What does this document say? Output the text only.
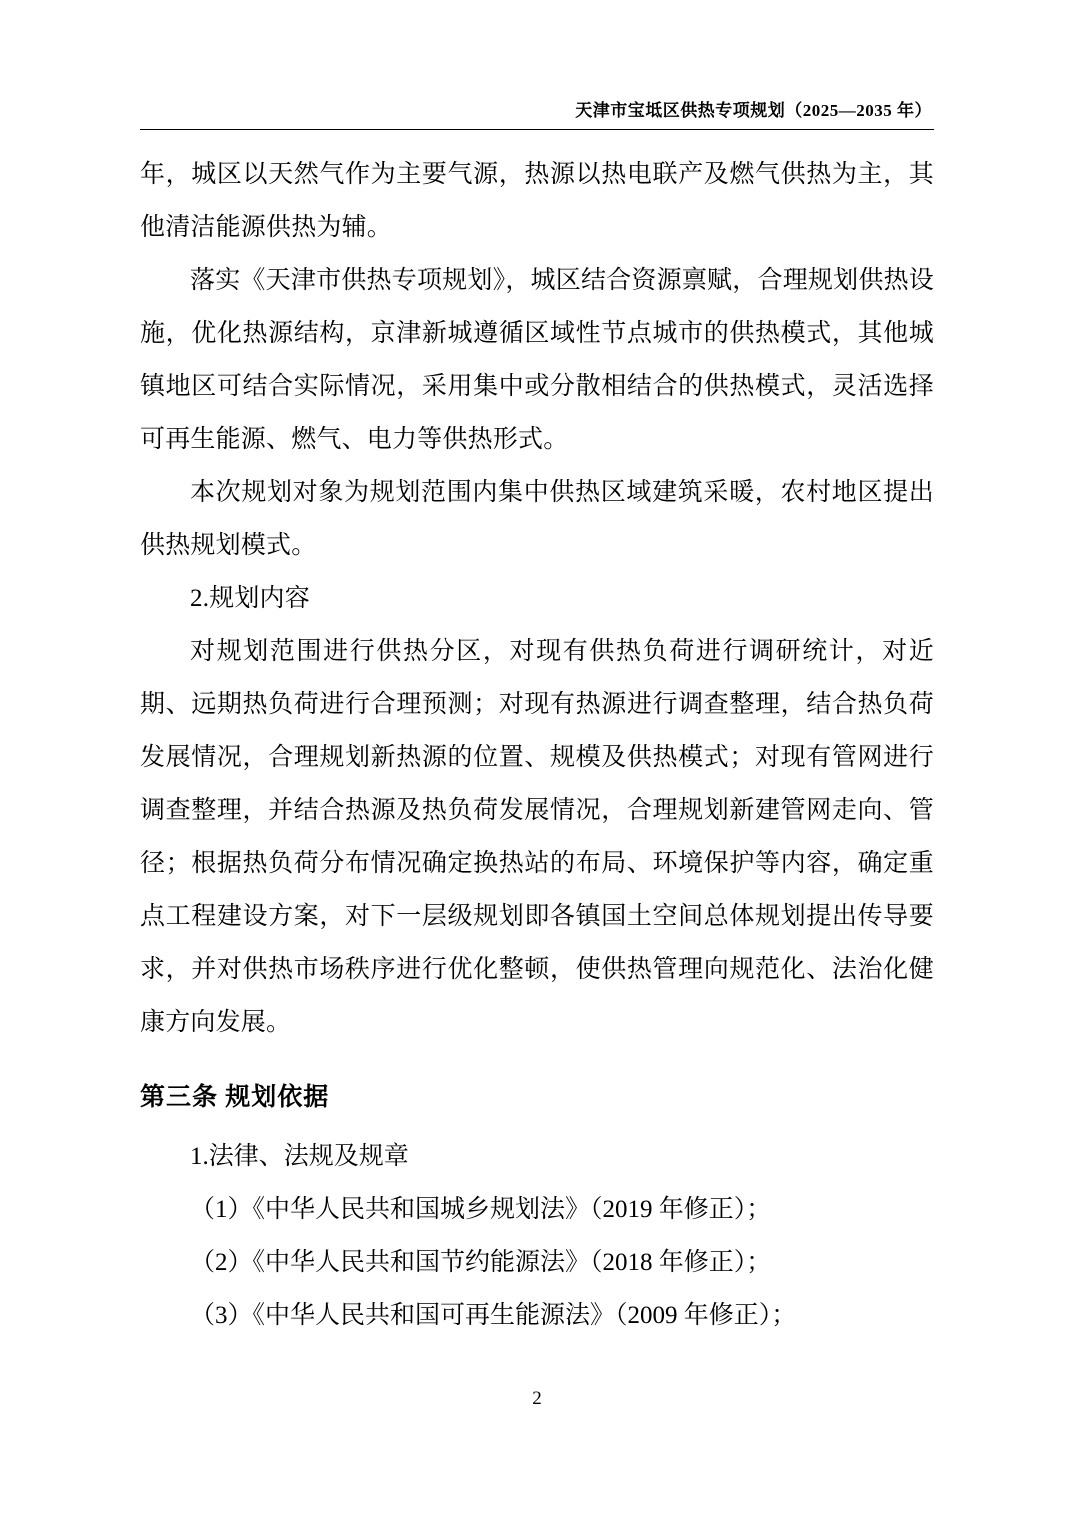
天津市宝坻区供热专项规划（2025—2035 年）

年，城区以天然气作为主要气源，热源以热电联产及燃气供热为主，其他清洁能源供热为辅。

落实《天津市供热专项规划》，城区结合资源禀赋，合理规划供热设施，优化热源结构，京津新城遵循区域性节点城市的供热模式，其他城镇地区可结合实际情况，采用集中或分散相结合的供热模式，灵活选择可再生能源、燃气、电力等供热形式。

本次规划对象为规划范围内集中供热区域建筑采暖，农村地区提出供热规划模式。

2.规划内容

对规划范围进行供热分区，对现有供热负荷进行调研统计，对近期、远期热负荷进行合理预测；对现有热源进行调查整理，结合热负荷发展情况，合理规划新热源的位置、规模及供热模式；对现有管网进行调查整理，并结合热源及热负荷发展情况，合理规划新建管网走向、管径；根据热负荷分布情况确定换热站的布局、环境保护等内容，确定重点工程建设方案，对下一层级规划即各镇国土空间总体规划提出传导要求，并对供热市场秩序进行优化整顿，使供热管理向规范化、法治化健康方向发展。

第三条 规划依据

1.法律、法规及规章

（1）《中华人民共和国城乡规划法》（2019 年修正）；

（2）《中华人民共和国节约能源法》（2018 年修正）；

（3）《中华人民共和国可再生能源法》（2009 年修正）；

2
